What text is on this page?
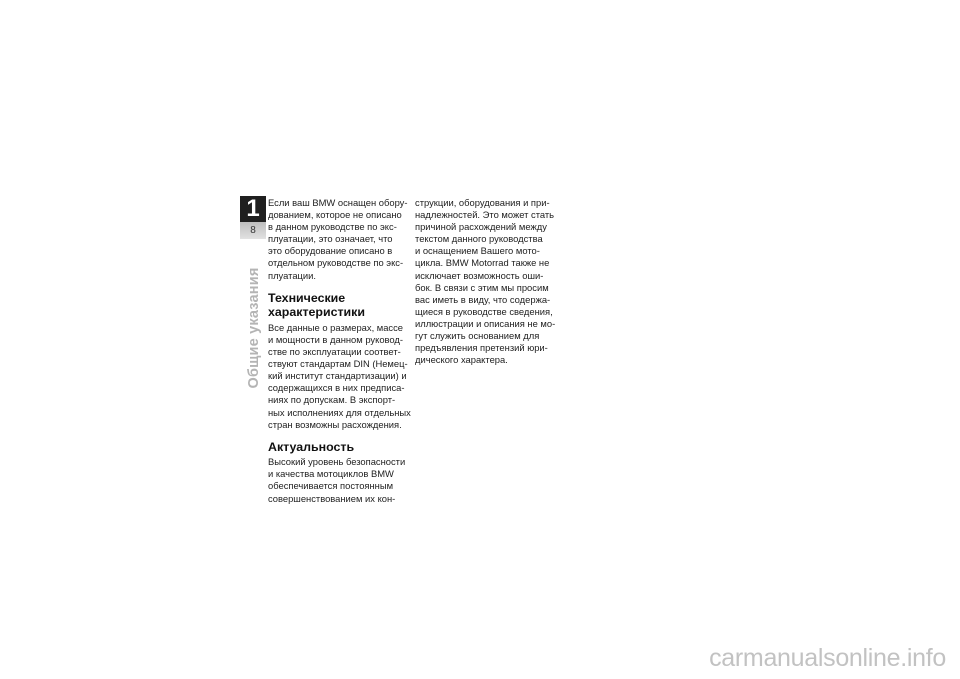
1
8
Общие указания
Если ваш BMW оснащен обору-
дованием, которое не описано
в данном руководстве по экс-
плуатации, это означает, что
это оборудование описано в
отдельном руководстве по экс-
плуатации.
Технические
характеристики
Все данные о размерах, массе
и мощности в данном руковод-
стве по эксплуатации соответ-
ствуют стандартам DIN (Немец-
кий институт стандартизации) и
содержащихся в них предписа-
ниях по допускам. В экспорт-
ных исполнениях для отдельных
стран возможны расхождения.
Актуальность
Высокий уровень безопасности
и качества мотоциклов BMW
обеспечивается постоянным
совершенствованием их кон-
струкции, оборудования и при-
надлежностей. Это может стать
причиной расхождений между
текстом данного руководства
и оснащением Вашего мото-
цикла. BMW Motorrad также не
исключает возможность оши-
бок. В связи с этим мы просим
вас иметь в виду, что содержа-
щиеся в руководстве сведения,
иллюстрации и описания не мо-
гут служить основанием для
предъявления претензий юри-
дического характера.
carmanualsonline.info
